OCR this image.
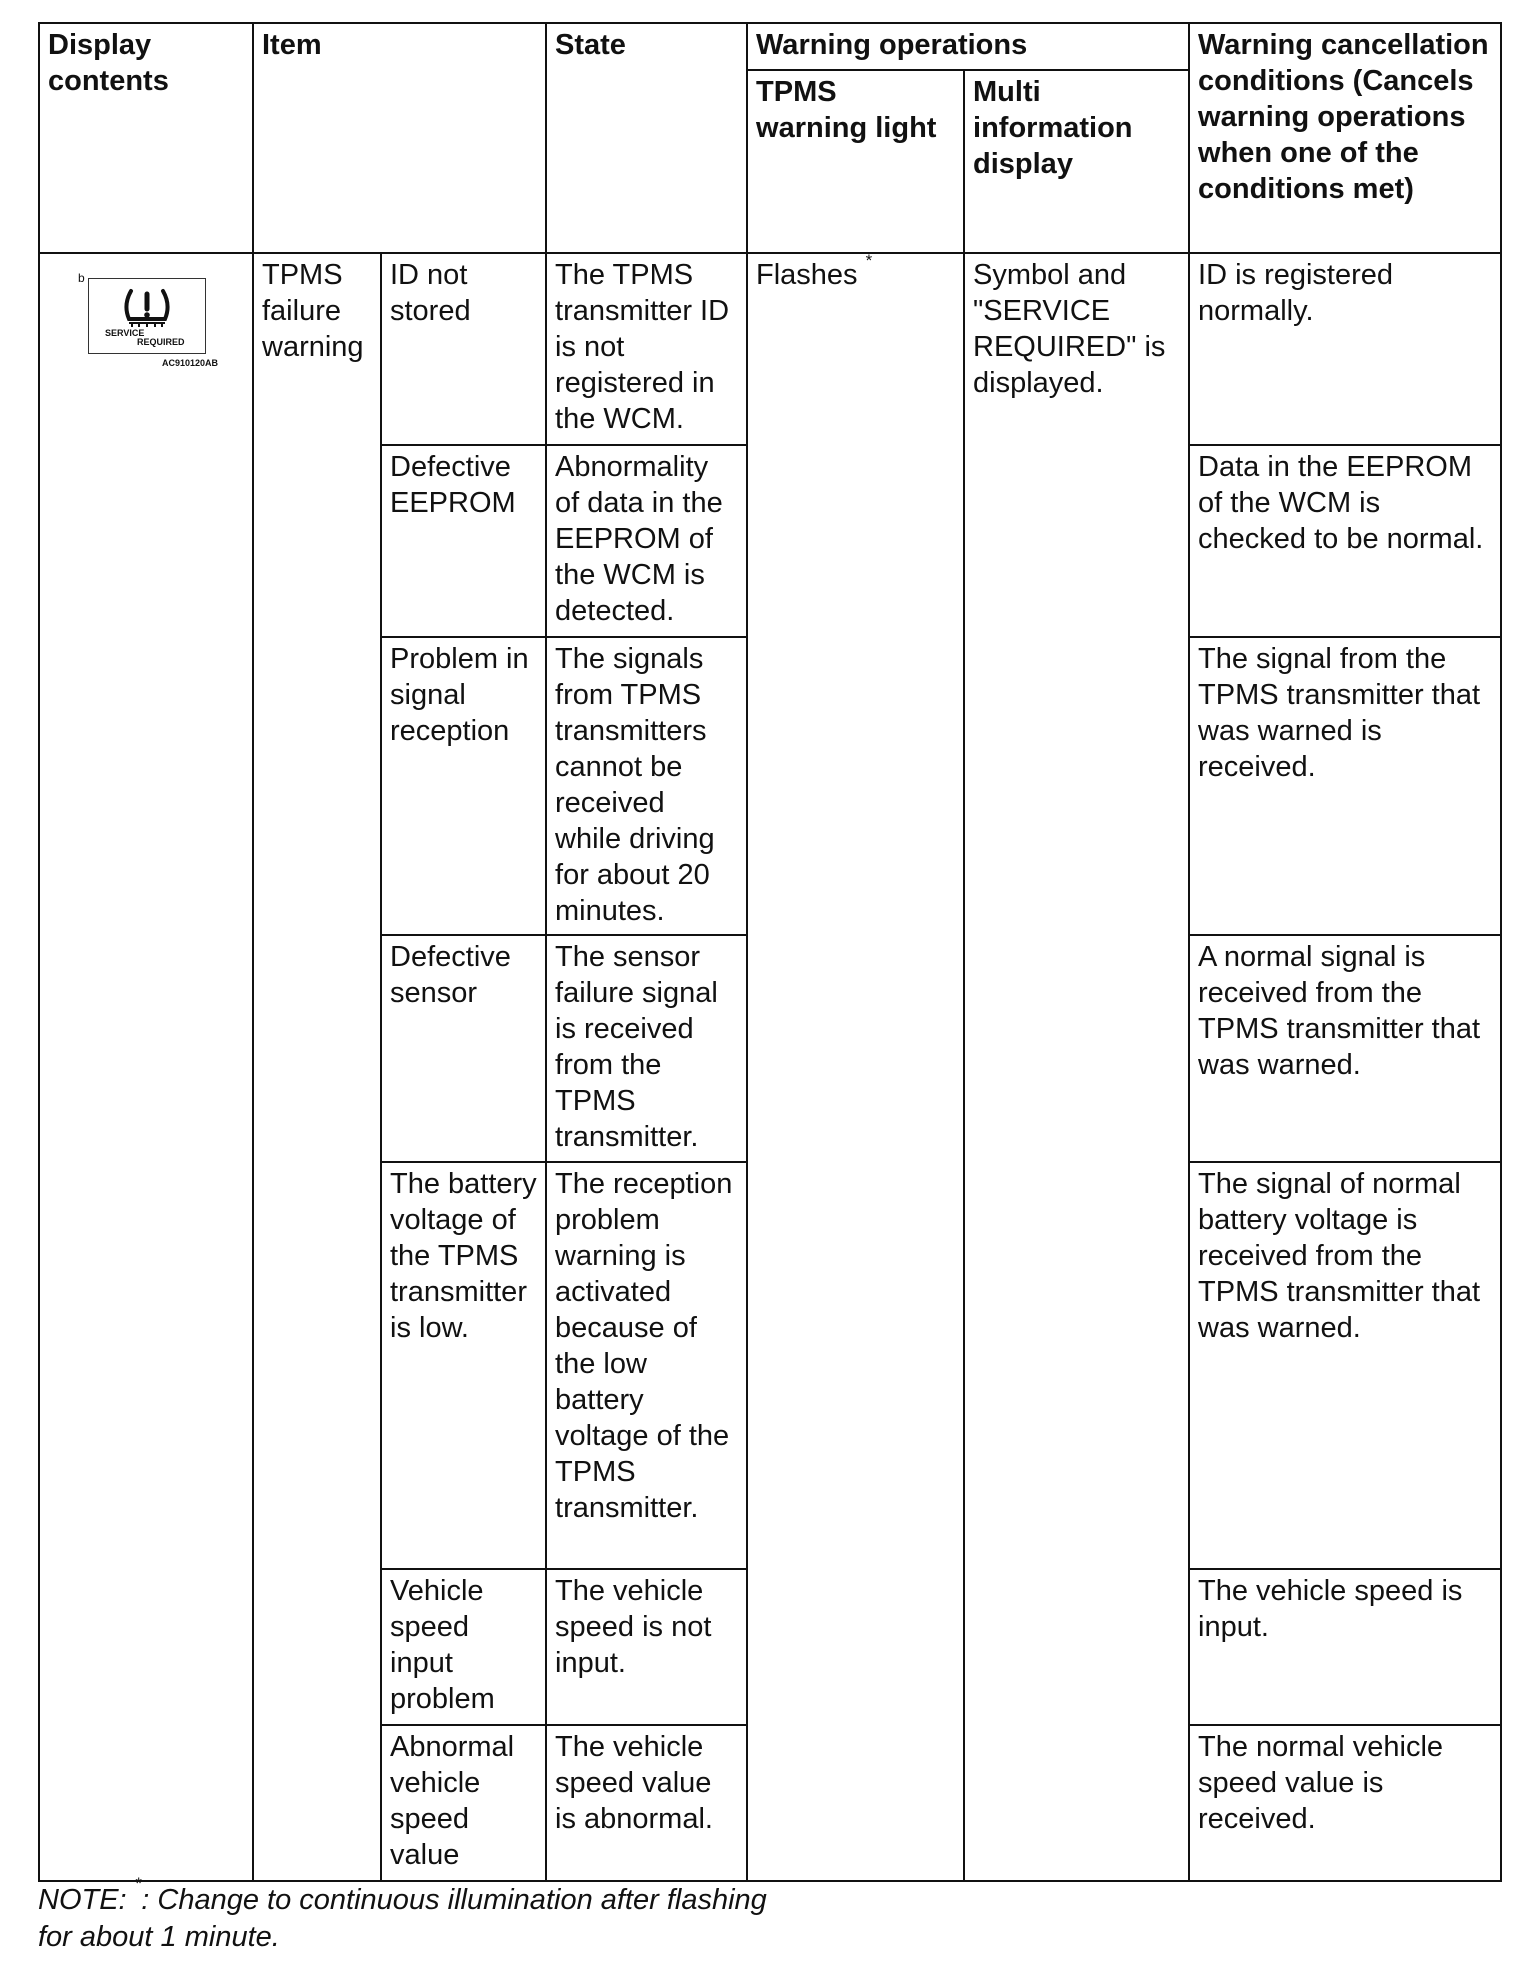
Display contents	Item		State	Warning operations		Warning cancellation conditions (Cancels warning operations when one of the conditions met)
				TPMS warning light	Multi information display	

b
SERVICE
REQUIRED
AC910120AB	TPMS failure warning	ID not stored	The TPMS transmitter ID is not registered in the WCM.	Flashes *	Symbol and "SERVICE REQUIRED" is displayed.	ID is registered normally.
		Defective EEPROM	Abnormality of data in the EEPROM of the WCM is detected.			Data in the EEPROM of the WCM is checked to be normal.
		Problem in signal reception	The signals from TPMS transmitters cannot be received while driving for about 20 minutes.			The signal from the TPMS transmitter that was warned is received.
		Defective sensor	The sensor failure signal is received from the TPMS transmitter.			A normal signal is received from the TPMS transmitter that was warned.
		The battery voltage of the TPMS transmitter is low.	The reception problem warning is activated because of the low battery voltage of the TPMS transmitter.			The signal of normal battery voltage is received from the TPMS transmitter that was warned.
		Vehicle speed input problem	The vehicle speed is not input.			The vehicle speed is input.
		Abnormal vehicle speed value	The vehicle speed value is abnormal.			The normal vehicle speed value is received.
NOTE: *: Change to continuous illumination after flashing for about 1 minute.
